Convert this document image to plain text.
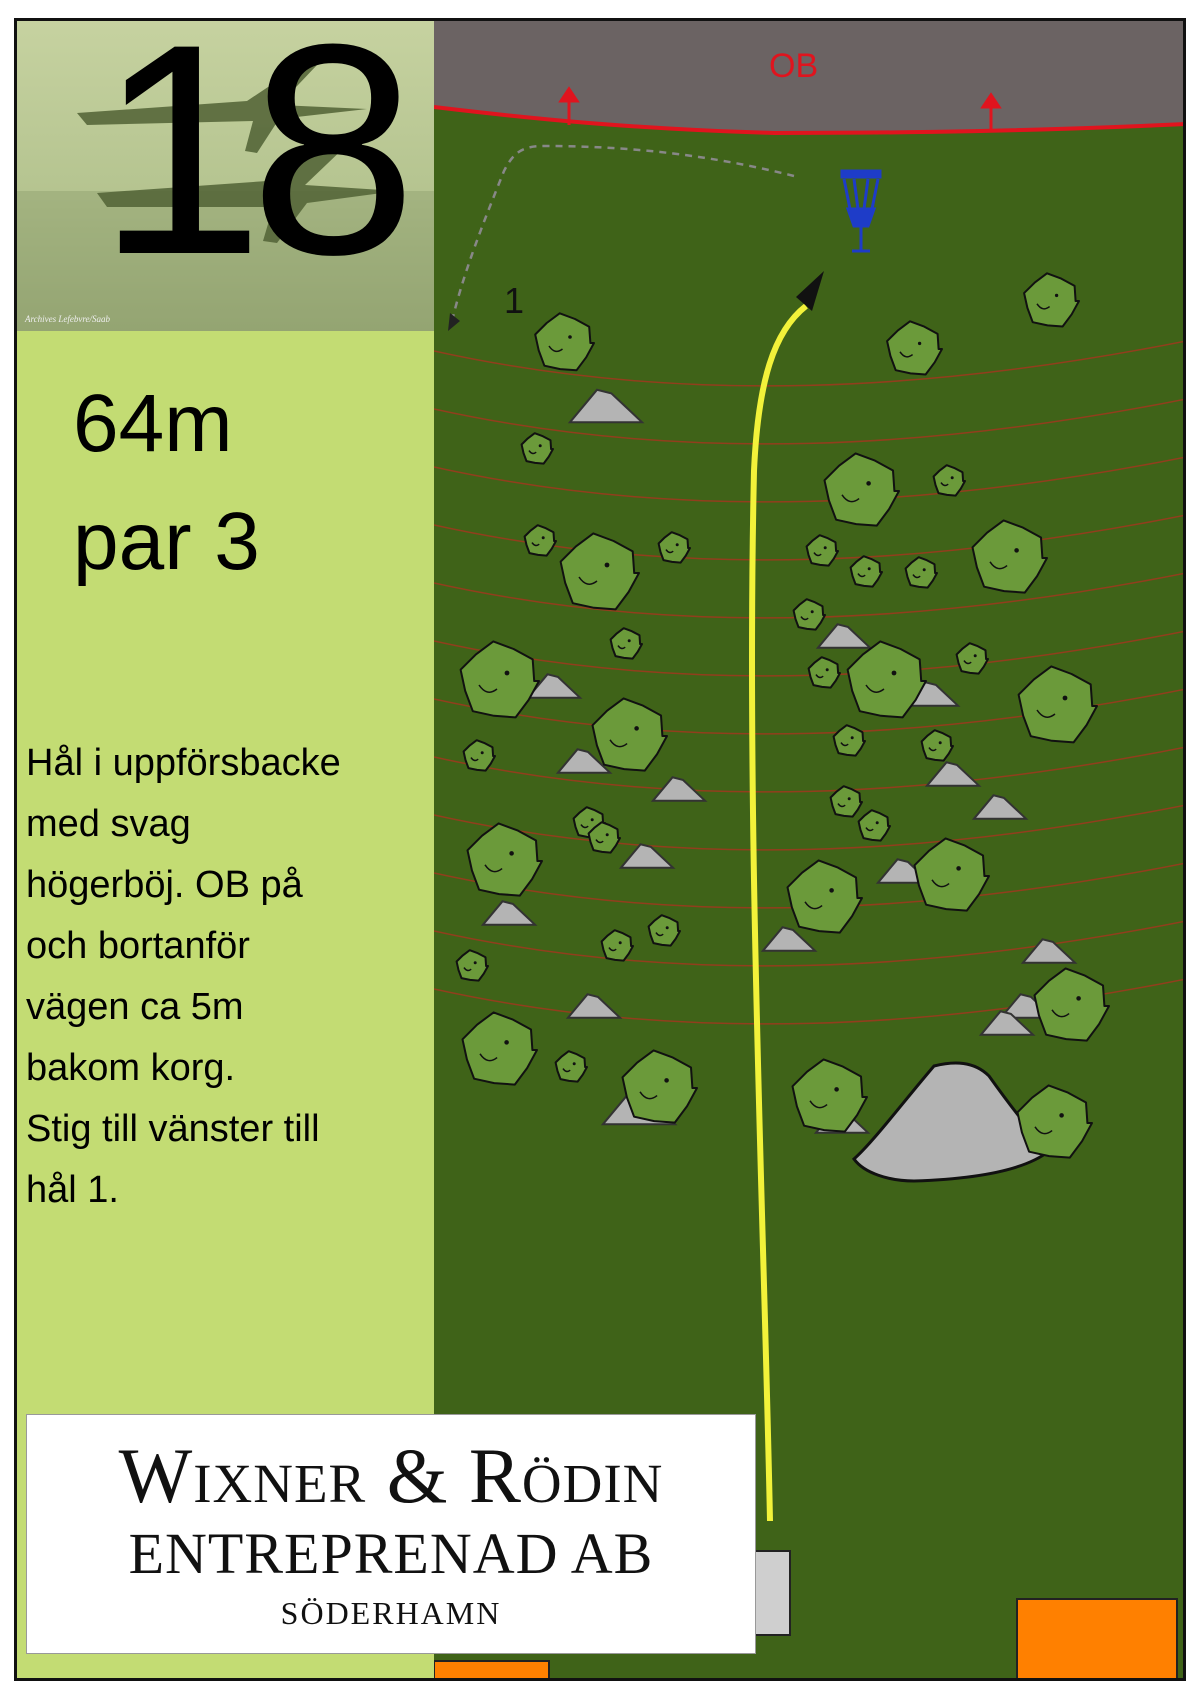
18
Archives Lefebvre/Saab
64m
par 3
Hål i uppförsbacke
med svag
högerböj. OB på
och bortanför
vägen ca 5m
bakom korg.
Stig till vänster till
hål 1.
OB
1
Wixner & Rödin
ENTREPRENAD AB
SÖDERHAMN
